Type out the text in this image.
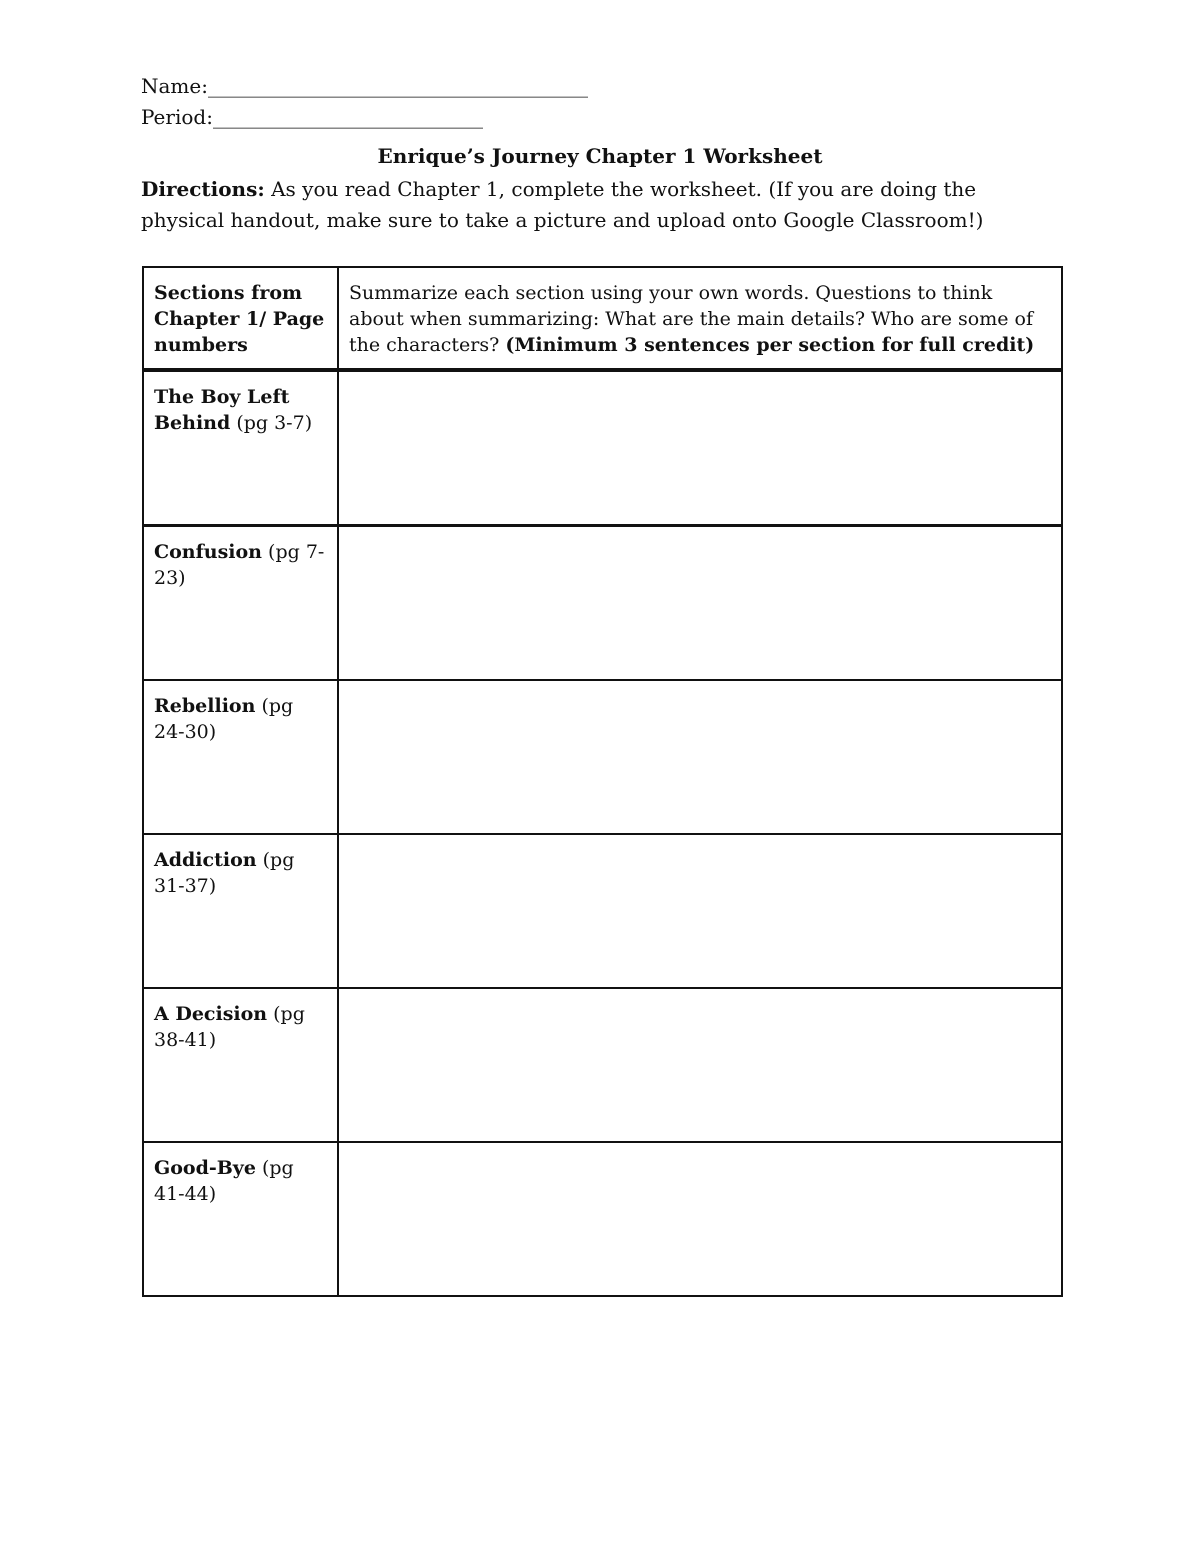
Name:______________________________________
Period:___________________________
Enrique’s Journey Chapter 1 Worksheet
Directions: As you read Chapter 1, complete the worksheet. (If you are doing the physical handout, make sure to take a picture and upload onto Google Classroom!)
Sections from Chapter 1/ Page numbers	Summarize each section using your own words. Questions to think about when summarizing: What are the main details? Who are some of the characters? (Minimum 3 sentences per section for full credit)
The Boy Left Behind (pg 3-7)	
Confusion (pg 7-23)	
Rebellion (pg 24-30)	
Addiction (pg 31-37)	
A Decision (pg 38-41)	
Good-Bye (pg 41-44)	
